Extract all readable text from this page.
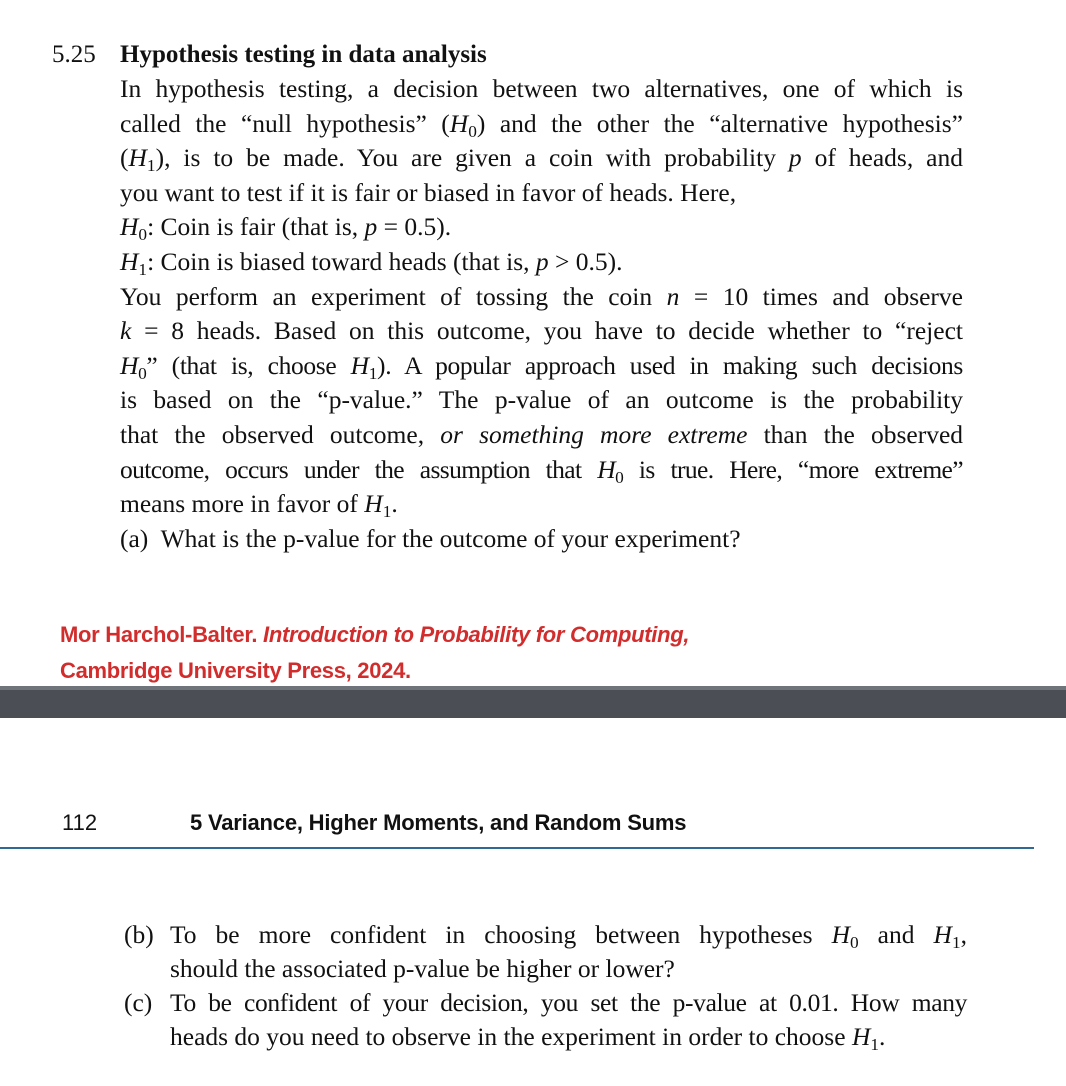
5.25 Hypothesis testing in data analysis
In hypothesis testing, a decision between two alternatives, one of which is
called the “null hypothesis” $(H_0)$ and the other the “alternative hypothesis”
$(H_1)$, is to be made. You are given a coin with probability p of heads, and
you want to test if it is fair or biased in favor of heads. Here,
$H_0$: Coin is fair (that is, p = 0.5).
$H_1$: Coin is biased toward heads (that is, p > 0.5).
You perform an experiment of tossing the coin n = 10 times and observe
k = 8 heads. Based on this outcome, you have to decide whether to “reject
$H_0$” (that is, choose $H_1$). A popular approach used in making such decisions
is based on the “p-value.” The p-value of an outcome is the probability
that the observed outcome, or something more extreme than the observed
outcome, occurs under the assumption that $H_0$ is true. Here, “more extreme”
means more in favor of $H_1$.
(a) What is the p-value for the outcome of your experiment?
Mor Harchol-Balter. Introduction to Probability for Computing,
Cambridge University Press, 2024.
112	5 Variance, Higher Moments, and Random Sums
(b) To be more confident in choosing between hypotheses $H_0$ and $H_1$,
should the associated p-value be higher or lower?
(c) To be confident of your decision, you set the p-value at 0.01. How many
heads do you need to observe in the experiment in order to choose $H_1$.
